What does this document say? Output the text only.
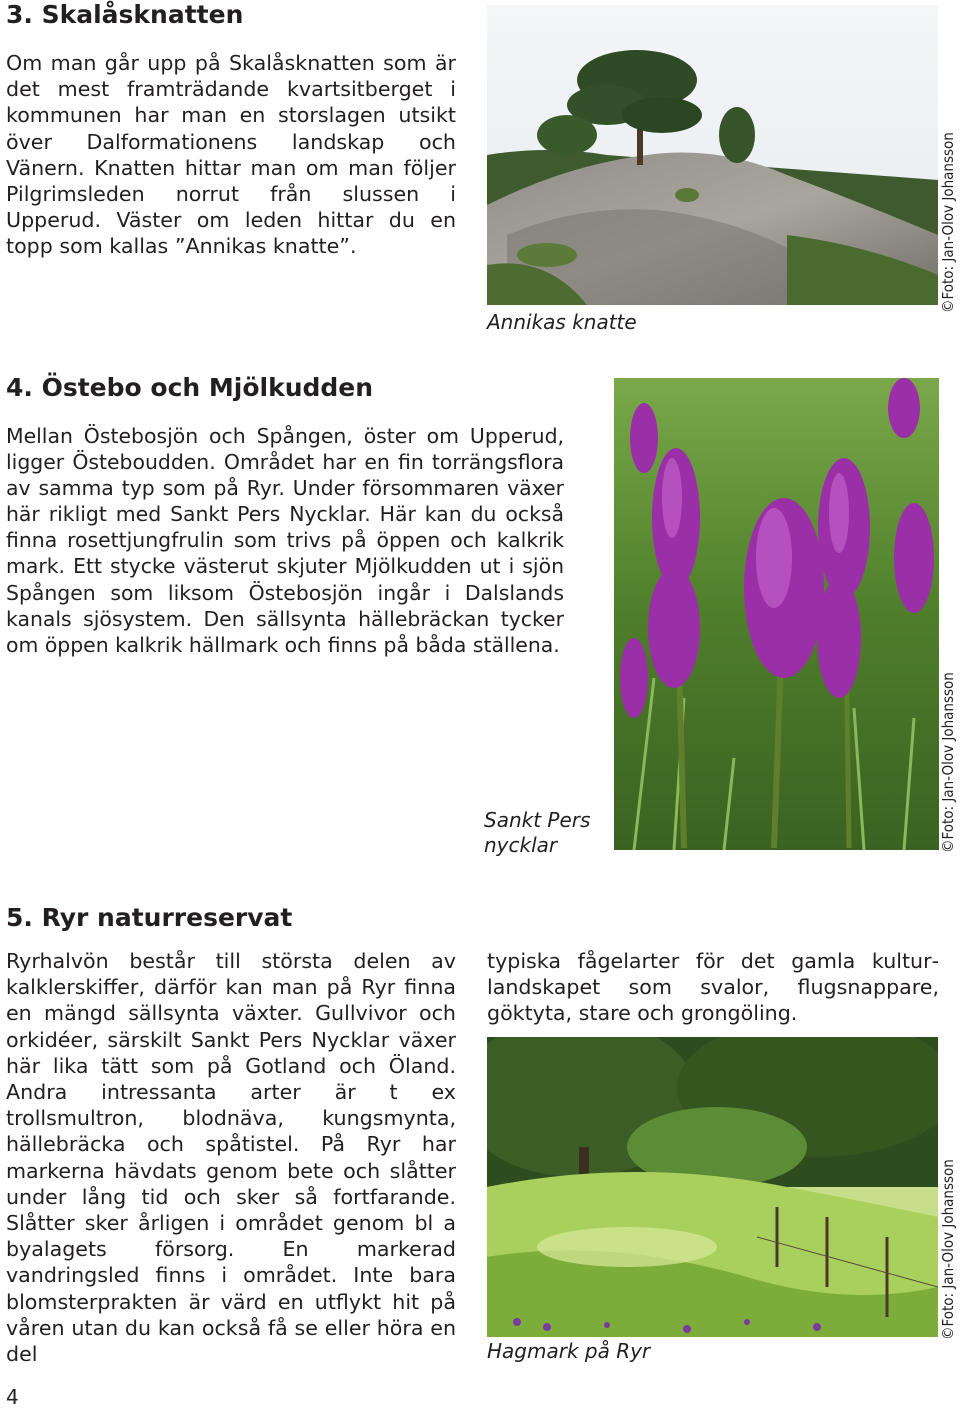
3. Skalåsknatten

Om man går upp på Skalåsknatten som är det mest framträdande kvartsitberget i kommunen har man en storslagen utsikt över Dalformationens landskap och Vänern. Knatten hittar man om man följer Pilgrimsleden norrut från slussen i Upperud. Väster om leden hittar du en topp som kallas ”Annikas knatte”.

Annikas knatte

©Foto: Jan-Olov Johansson
4. Östebo och Mjölkudden

Mellan Östebosjön och Spången, öster om Upperud, ligger Östeboudden. Området har en fin torrängsflora av samma typ som på Ryr. Under försommaren växer här rikligt med Sankt Pers Nycklar. Här kan du också finna rosettjungfrulin som trivs på öppen och kalkrik mark. Ett stycke västerut skjuter Mjölkudden ut i sjön Spången som liksom Östebosjön ingår i Dalslands kanals sjösystem. Den sällsynta hällebräckan tycker om öppen kalkrik hällmark och finns på båda ställena.

Sankt Pers nycklar	©Foto: Jan-Olov Johansson
5. Ryr naturreservat

Ryrhalvön består till största delen av kalklerskiffer, därför kan man på Ryr finna en mängd sällsynta växter. Gullvivor och orkidéer, särskilt Sankt Pers Nycklar växer här lika tätt som på Gotland och Öland. Andra intressanta arter är t ex trollsmultron, blodnäva, kungsmynta, hällebräcka och spåtistel. På Ryr har markerna hävdats genom bete och slåtter under lång tid och sker så fortfarande. Slåtter sker årligen i området genom bl a byalagets försorg. En markerad vandringsled finns i området. Inte bara blomsterprakten är värd en utflykt hit på våren utan du kan också få se eller höra en del

typiska fågelarter för det gamla kulturlandskapet som svalor, flugsnappare, göktyta, stare och grongöling.

Hagmark på Ryr

©Foto: Jan-Olov Johansson
4
